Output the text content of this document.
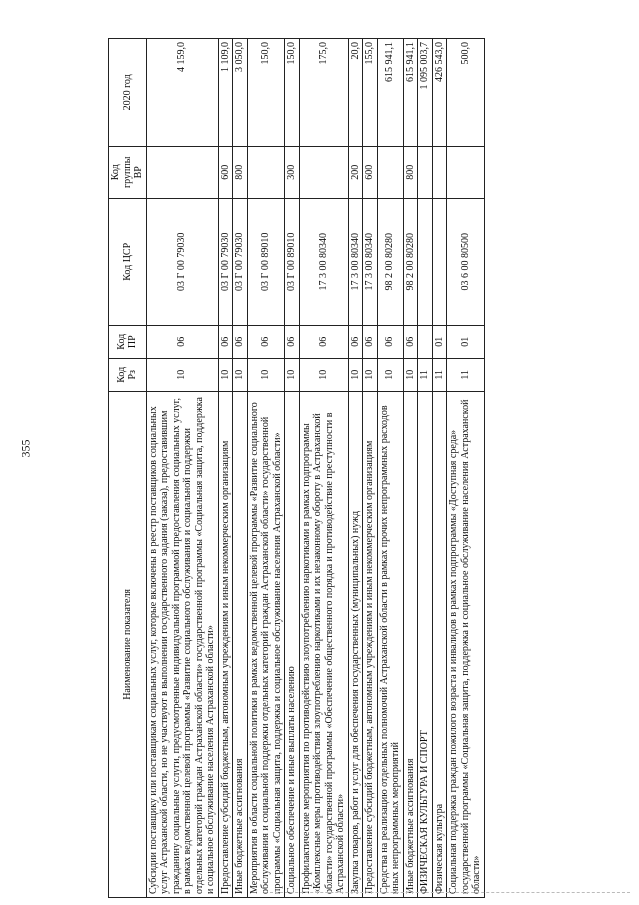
355
Наименование показателя	Код Рз	Код ПР	Код ЦСР	Код группы ВР	2020 год
Субсидии поставщику или поставщикам социальных услуг, которые включены в реестр поставщиков социальных услуг Астраханской области, но не участвуют в выполнении государственного задания (заказа), предоставившим гражданину социальные услуги, предусмотренные индивидуальной программой предоставления социальных услуг, в рамках ведомственной целевой программы «Развитие социального обслуживания и социальной поддержки отдельных категорий граждан Астраханской области» государственной программы «Социальная защита, поддержка и социальное обслуживание населения Астраханской области»	10	06	03 Г 00 79030		4 159,0
Предоставление субсидий бюджетным, автономным учреждениям и иным некоммерческим организациям	10	06	03 Г 00 79030	600	1 109,0
Иные бюджетные ассигнования	10	06	03 Г 00 79030	800	3 050,0
Мероприятия в области социальной политики в рамках ведомственной целевой программы «Развитие социального обслуживания и социальной поддержки отдельных категорий граждан Астраханской области» государственной программы «Социальная защита, поддержка и социальное обслуживание населения Астраханской области»	10	06	03 Г 00 89010		150,0
Социальное обеспечение и иные выплаты населению	10	06	03 Г 00 89010	300	150,0
Профилактические мероприятия по противодействию злоупотреблению наркотиками в рамках подпрограммы «Комплексные меры противодействия злоупотреблению наркотиками и их незаконному обороту в Астраханской области» государственной программы «Обеспечение общественного порядка и противодействие преступности в Астраханской области»	10	06	17 3 00 80340		175,0
Закупка товаров, работ и услуг для обеспечения государственных (муниципальных) нужд	10	06	17 3 00 80340	200	20,0
Предоставление субсидий бюджетным, автономным учреждениям и иным некоммерческим организациям	10	06	17 3 00 80340	600	155,0
Средства на реализацию отдельных полномочий Астраханской области в рамках прочих непрограммных расходов иных непрограммных мероприятий	10	06	98 2 00 80280		615 941,1
Иные бюджетные ассигнования	10	06	98 2 00 80280	800	615 941,1
ФИЗИЧЕСКАЯ КУЛЬТУРА И СПОРТ	11				1 095 003,7
Физическая культура	11	01			426 543,0
Социальная поддержка граждан пожилого возраста и инвалидов в рамках подпрограммы «Доступная среда» государственной программы «Социальная защита, поддержка и социальное обслуживание населения Астраханской области»	11	01	03 6 00 80500		500,0
